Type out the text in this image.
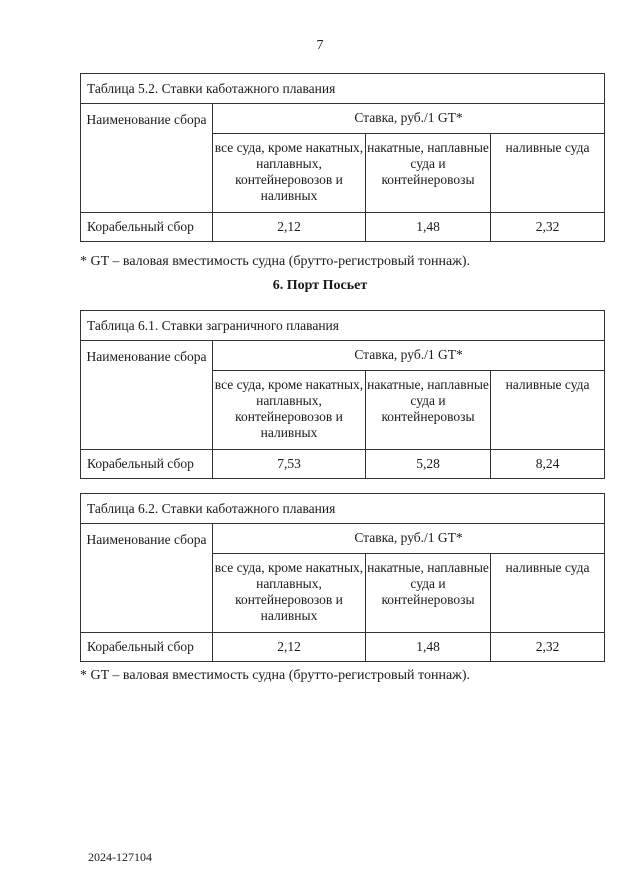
7
Таблица 5.2. Ставки каботажного плавания			
Наименование сбора	Ставка, руб./1 GT*		
	все суда, кроме накатных, наплавных, контейнеровозов и наливных	накатные, наплавные суда и контейнеровозы	наливные суда
Корабельный сбор	2,12	1,48	2,32
* GT – валовая вместимость судна (брутто-регистровый тоннаж).
6. Порт Посьет
Таблица 6.1. Ставки заграничного плавания			
Наименование сбора	Ставка, руб./1 GT*		
	все суда, кроме накатных, наплавных, контейнеровозов и наливных	накатные, наплавные суда и контейнеровозы	наливные суда
Корабельный сбор	7,53	5,28	8,24
Таблица 6.2. Ставки каботажного плавания			
Наименование сбора	Ставка, руб./1 GT*		
	все суда, кроме накатных, наплавных, контейнеровозов и наливных	накатные, наплавные суда и контейнеровозы	наливные суда
Корабельный сбор	2,12	1,48	2,32
* GT – валовая вместимость судна (брутто-регистровый тоннаж).
2024-127104
